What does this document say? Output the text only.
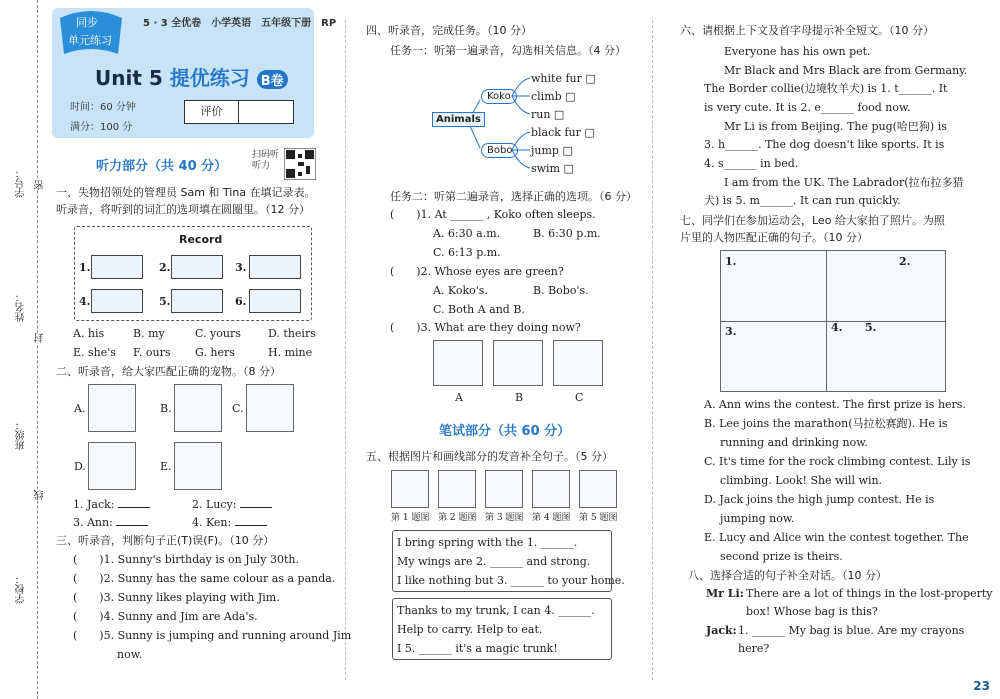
学号：
姓名：
班级：
学校：
密
封
线
同步
单元练习
5 · 3 全优卷　小学英语　五年级下册　RP
Unit 5 提优练习 B卷
时间：60 分钟
满分：100 分
评价
听力部分（共 40 分）
扫码听听力
一、失物招领处的管理员 Sam 和 Tina 在填记录表。听录音，将听到的词汇的选项填在圆圈里。（12 分）
Record
1.	2.	3.
4.	5.	6.
A. his	B. my	C. yours D. theirs
E. she's F. ours G. hers	H. mine
二、听录音，给大家匹配正确的宠物。（8 分）
A.	B.	C.
D.	E.
1. Jack:	2. Lucy:
3. Ann:	4. Ken:
三、听录音，判断句子正(T)误(F)。（10 分）
(　　)1. Sunny's birthday is on July 30th.
(　　)2. Sunny has the same colour as a panda.
(　　)3. Sunny likes playing with Jim.
(　　)4. Sunny and Jim are Ada's.
(　　)5. Sunny is jumping and running around Jim
now.
四、听录音，完成任务。（10 分）
任务一：听第一遍录音，勾选相关信息。（4 分）
Animals
Koko
Bobo
white fur □
climb □
run □
black fur □
jump □
swim □
任务二：听第二遍录音，选择正确的选项。（6 分）
(　　)1. At ______ , Koko often sleeps.
A. 6:30 a.m.	B. 6:30 p.m.
C. 6:13 p.m.
(　　)2. Whose eyes are green?
A. Koko's.	B. Bobo's.
C. Both A and B.
(　　)3. What are they doing now?
A	B	C
笔试部分（共 60 分）
五、根据图片和画线部分的发音补全句子。（5 分）
第 1 题图 第 2 题图 第 3 题图 第 4 题图 第 5 题图
I bring spring with the 1. ______.
My wings are 2. ______ and strong.
I like nothing but 3. ______ to your home.
Thanks to my trunk, I can 4. ______.
Help to carry. Help to eat.
I 5. ______ it's a magic trunk!
六、请根据上下文及首字母提示补全短文。（10 分）
Everyone has his own pet.
Mr Black and Mrs Black are from Germany.
The Border collie(边境牧羊犬) is 1. t______. It
is very cute. It is 2. e______ food now.
Mr Li is from Beijing. The pug(哈巴狗) is
3. h______. The dog doesn't like sports. It is
4. s______ in bed.
I am from the UK. The Labrador(拉布拉多猎
犬) is 5. m______. It can run quickly.
七、同学们在参加运动会，Leo 给大家拍了照片。为照片里的人物匹配正确的句子。（10 分）
1.	2.
3.	4. 5.
A. Ann wins the contest. The first prize is hers.
B. Lee joins the marathon(马拉松赛跑). He is
running and drinking now.
C. It's time for the rock climbing contest. Lily is
climbing. Look! She will win.
D. Jack joins the high jump contest. He is
jumping now.
E. Lucy and Alice win the contest together. The
second prize is theirs.
八、选择合适的句子补全对话。（10 分）
Mr Li: There are a lot of things in the lost-property
box! Whose bag is this?
Jack: 1. ______ My bag is blue. Are my crayons
here?
23
